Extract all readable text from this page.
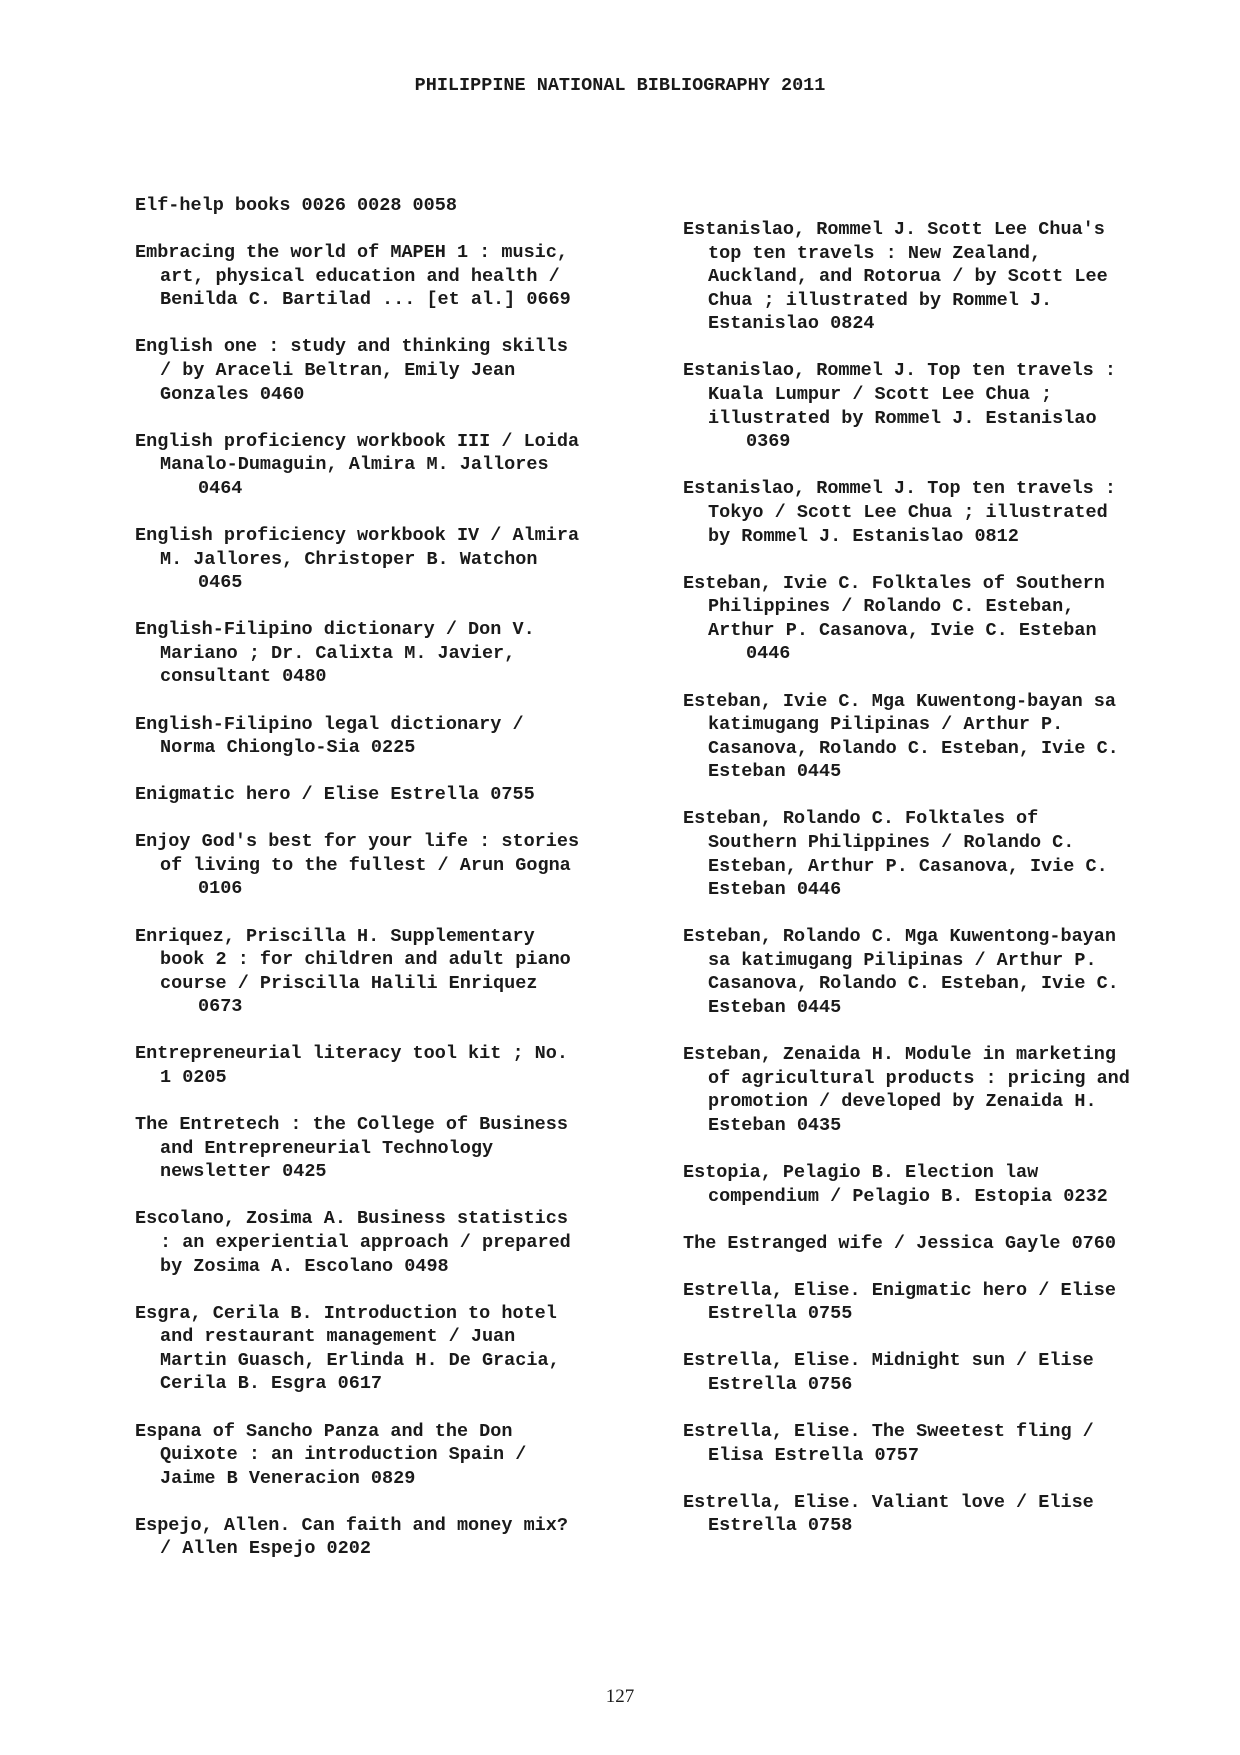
PHILIPPINE NATIONAL BIBLIOGRAPHY 2011
Elf-help books 0026 0028 0058
Embracing the world of MAPEH 1 : music,
art, physical education and health /
Benilda C. Bartilad ... [et al.] 0669
English one : study and thinking skills
/ by Araceli Beltran, Emily Jean
Gonzales 0460
English proficiency workbook III / Loida
Manalo-Dumaguin, Almira M. Jallores
0464
English proficiency workbook IV / Almira
M. Jallores, Christoper B. Watchon
0465
English-Filipino dictionary / Don V.
Mariano ; Dr. Calixta M. Javier,
consultant 0480
English-Filipino legal dictionary /
Norma Chionglo-Sia 0225
Enigmatic hero / Elise Estrella 0755
Enjoy God's best for your life : stories
of living to the fullest / Arun Gogna
0106
Enriquez, Priscilla H. Supplementary
book 2 : for children and adult piano
course / Priscilla Halili Enriquez
0673
Entrepreneurial literacy tool kit ; No.
1 0205
The Entretech : the College of Business
and Entrepreneurial Technology
newsletter 0425
Escolano, Zosima A. Business statistics
: an experiential approach / prepared
by Zosima A. Escolano 0498
Esgra, Cerila B. Introduction to hotel
and restaurant management / Juan
Martin Guasch, Erlinda H. De Gracia,
Cerila B. Esgra 0617
Espana of Sancho Panza and the Don
Quixote : an introduction Spain /
Jaime B Veneracion 0829
Espejo, Allen. Can faith and money mix?
/ Allen Espejo 0202
Estanislao, Rommel J. Scott Lee Chua's
top ten travels : New Zealand,
Auckland, and Rotorua / by Scott Lee
Chua ; illustrated by Rommel J.
Estanislao 0824
Estanislao, Rommel J. Top ten travels :
Kuala Lumpur / Scott Lee Chua ;
illustrated by Rommel J. Estanislao
0369
Estanislao, Rommel J. Top ten travels :
Tokyo / Scott Lee Chua ; illustrated
by Rommel J. Estanislao 0812
Esteban, Ivie C. Folktales of Southern
Philippines / Rolando C. Esteban,
Arthur P. Casanova, Ivie C. Esteban
0446
Esteban, Ivie C. Mga Kuwentong-bayan sa
katimugang Pilipinas / Arthur P.
Casanova, Rolando C. Esteban, Ivie C.
Esteban 0445
Esteban, Rolando C. Folktales of
Southern Philippines / Rolando C.
Esteban, Arthur P. Casanova, Ivie C.
Esteban 0446
Esteban, Rolando C. Mga Kuwentong-bayan
sa katimugang Pilipinas / Arthur P.
Casanova, Rolando C. Esteban, Ivie C.
Esteban 0445
Esteban, Zenaida H. Module in marketing
of agricultural products : pricing and
promotion / developed by Zenaida H.
Esteban 0435
Estopia, Pelagio B. Election law
compendium / Pelagio B. Estopia 0232
The Estranged wife / Jessica Gayle 0760
Estrella, Elise. Enigmatic hero / Elise
Estrella 0755
Estrella, Elise. Midnight sun / Elise
Estrella 0756
Estrella, Elise. The Sweetest fling /
Elisa Estrella 0757
Estrella, Elise. Valiant love / Elise
Estrella 0758
127
